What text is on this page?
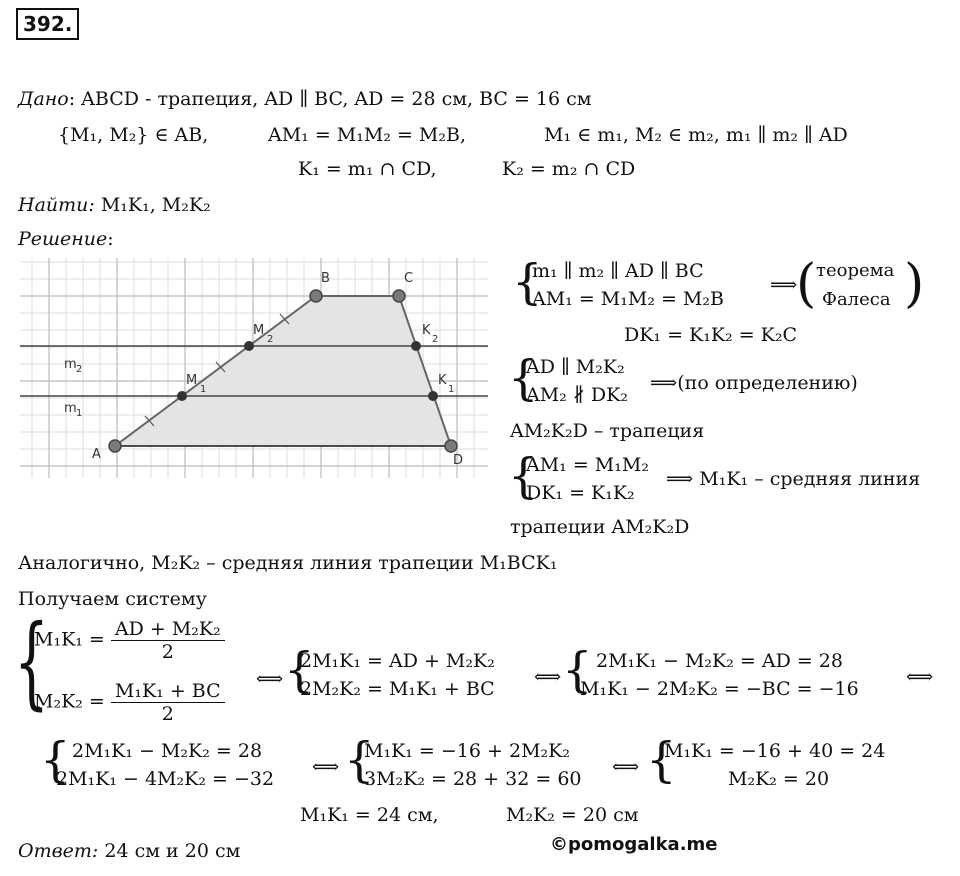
392.
Дано: ABCD - трапеция, AD ∥ BC, AD = 28 см, BC = 16 см
{M₁, M₂} ∈ AB,	AM₁ = M₁M₂ = M₂B,	M₁ ∈ m₁, M₂ ∈ m₂, m₁ ∥ m₂ ∥ AD
K₁ = m₁ ∩ CD,	K₂ = m₂ ∩ CD
Найти: M₁K₁, M₂K₂
Решение:
A
B	C
D
M
1
M
2
K
2
K
1
m 2
m 1
{
m₁ ∥ m₂ ∥ AD ∥ BC
AM₁ = M₁M₂ = M₂B
⟹
( теорема
Фалеса )
DK₁ = K₁K₂ = K₂C
{
AD ∥ M₂K₂
AM₂ ∦ DK₂
⟹(по определению)
AM₂K₂D – трапеция
{
AM₁ = M₁M₂
DK₁ = K₁K₂
⟹ M₁K₁ – средняя линия
трапеции AM₂K₂D
Аналогично, M₂K₂ – средняя линия трапеции M₁BCK₁
Получаем систему
{
$M_1K_1 = \frac{\text{AD + M₂K₂}}{2}$
$M_2K_2 = \frac{\text{M₁K₁ + BC}}{2}$
⟺ {
2M₁K₁ = AD + M₂K₂
2M₂K₂ = M₁K₁ + BC
⟺ { 2M₁K₁ − M₂K₂ = AD = 28
M₁K₁ − 2M₂K₂ = −BC = −16
⟺
{ 2M₁K₁ − M₂K₂ = 28
2M₁K₁ − 4M₂K₂ = −32
⟺ {
M₁K₁ = −16 + 2M₂K₂
3M₂K₂ = 28 + 32 = 60
⟺ {
M₁K₁ = −16 + 40 = 24
M₂K₂ = 20
M₁K₁ = 24 см,	M₂K₂ = 20 см
Ответ: 24 см и 20 см	©pomogalka.me
